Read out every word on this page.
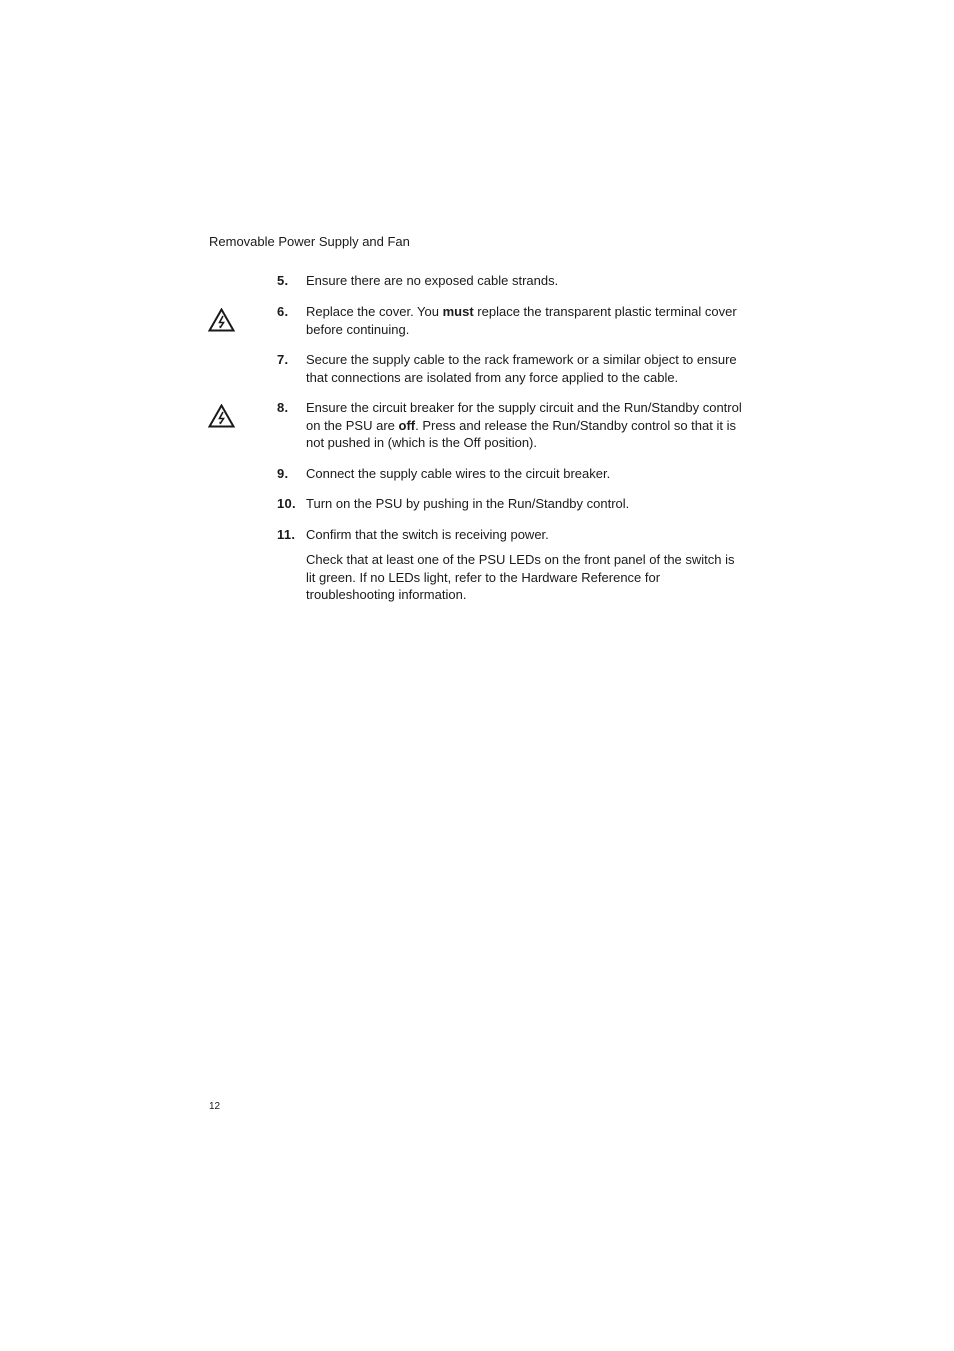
Removable Power Supply and Fan
5. Ensure there are no exposed cable strands.
6. Replace the cover. You must replace the transparent plastic terminal cover before continuing.
7. Secure the supply cable to the rack framework or a similar object to ensure that connections are isolated from any force applied to the cable.
8. Ensure the circuit breaker for the supply circuit and the Run/Standby control on the PSU are off. Press and release the Run/Standby control so that it is not pushed in (which is the Off position).
9. Connect the supply cable wires to the circuit breaker.
10. Turn on the PSU by pushing in the Run/Standby control.
11. Confirm that the switch is receiving power.
Check that at least one of the PSU LEDs on the front panel of the switch is lit green. If no LEDs light, refer to the Hardware Reference for troubleshooting information.
12
